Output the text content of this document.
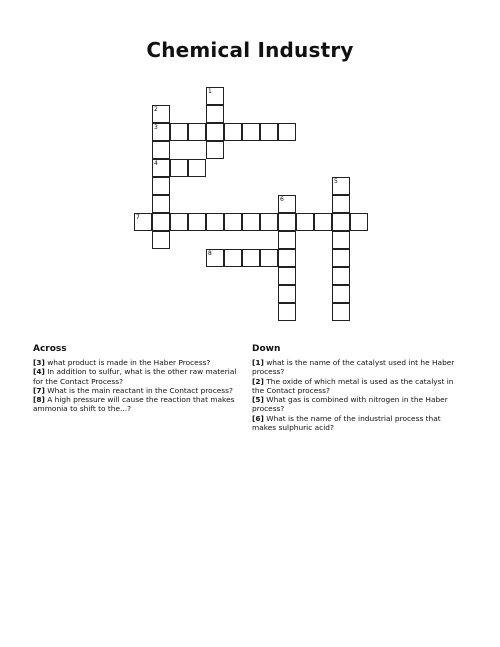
Chemical Industry
1
2
3
4
5
6
7
8
Across

[3] what product is made in the Haber Process?

[4] In addition to sulfur, what is the other raw material for the Contact Process?

[7] What is the main reactant in the Contact process?

[8] A high pressure will cause the reaction that makes ammonia to shift to the...?

Down

[1] what is the name of the catalyst used int he Haber process?

[2] The oxide of which metal is used as the catalyst in the Contact process?

[5] What gas is combined with nitrogen in the Haber process?

[6] What is the name of the industrial process that makes sulphuric acid?
